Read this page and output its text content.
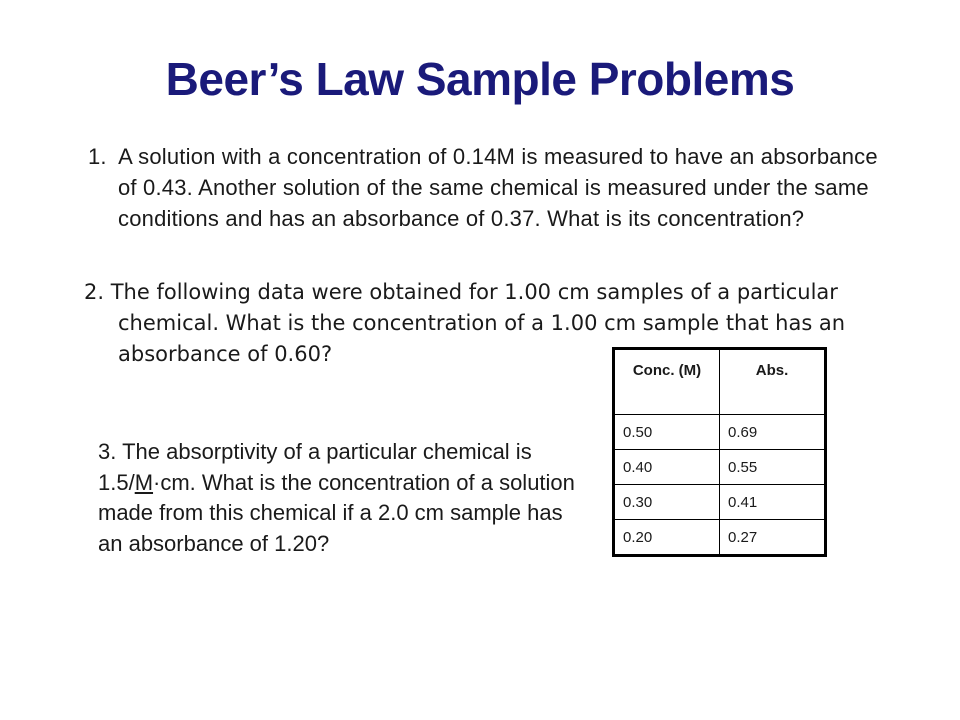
Beer’s Law Sample Problems

1. A solution with a concentration of 0.14M is measured to have an absorbance of 0.43. Another solution of the same chemical is measured under the same conditions and has an absorbance of 0.37. What is its concentration?

2. The following data were obtained for 1.00 cm samples of a particular chemical. What is the concentration of a 1.00 cm sample that has an absorbance of 0.60?

3. The absorptivity of a particular chemical is 1.5/M·cm. What is the concentration of a solution made from this chemical if a 2.0 cm sample has an absorbance of 1.20?

Conc. (M)	Abs.
0.50	0.69
0.40	0.55
0.30	0.41
0.20	0.27
